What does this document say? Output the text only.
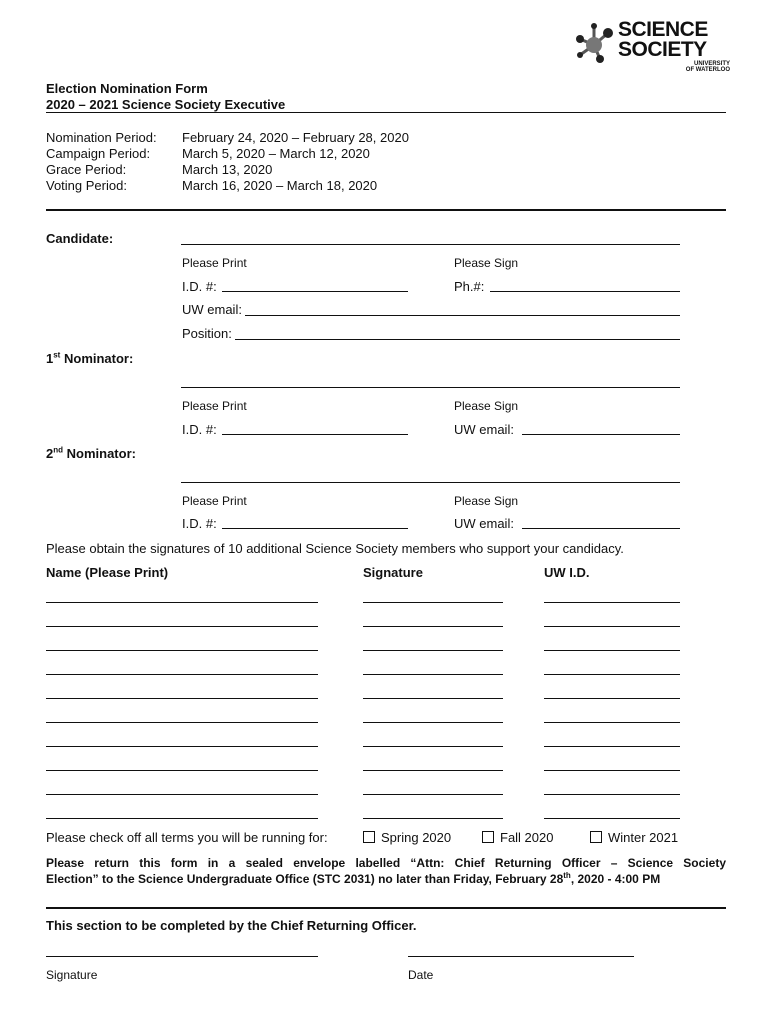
SCIENCE
SOCIETY
UNIVERSITY
OF WATERLOO
Election Nomination Form
2020 – 2021 Science Society Executive
Nomination Period: February 24, 2020 – February 28, 2020
Campaign Period: March 5, 2020 – March 12, 2020
Grace Period:	March 13, 2020
Voting Period:	March 16, 2020 – March 18, 2020
Candidate:
Please Print	Please Sign
I.D. #:	Ph.#:
UW email:
Position:
1st Nominator:
Please Print	Please Sign
I.D. #:	UW email:
2nd Nominator:
Please Print	Please Sign
I.D. #:	UW email:
Please obtain the signatures of 10 additional Science Society members who support your candidacy.
Name (Please Print)	Signature	UW I.D.
Please check off all terms you will be running for:	Spring 2020	Fall 2020	Winter 2021
Please return this form in a sealed envelope labelled “Attn: Chief Returning Officer – Science Society
Election” to the Science Undergraduate Office (STC 2031) no later than Friday, February 28th, 2020 - 4:00 PM
This section to be completed by the Chief Returning Officer.
Signature	Date
